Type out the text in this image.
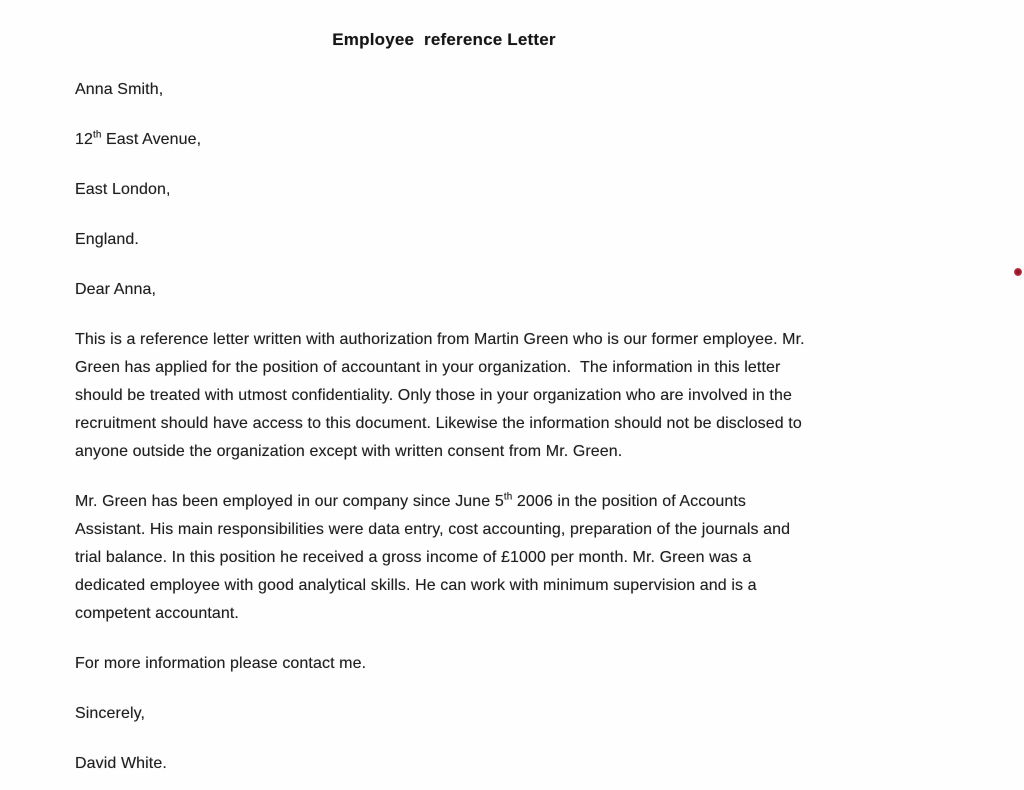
Employee  reference Letter

Anna Smith,

12th East Avenue,

East London,

England.

Dear Anna,

This is a reference letter written with authorization from Martin Green who is our former employee. Mr. Green has applied for the position of accountant in your organization.  The information in this letter should be treated with utmost confidentiality. Only those in your organization who are involved in the recruitment should have access to this document. Likewise the information should not be disclosed to anyone outside the organization except with written consent from Mr. Green.

Mr. Green has been employed in our company since June 5th 2006 in the position of Accounts Assistant. His main responsibilities were data entry, cost accounting, preparation of the journals and trial balance. In this position he received a gross income of £1000 per month. Mr. Green was a dedicated employee with good analytical skills. He can work with minimum supervision and is a competent accountant.

For more information please contact me.

Sincerely,

David White.
